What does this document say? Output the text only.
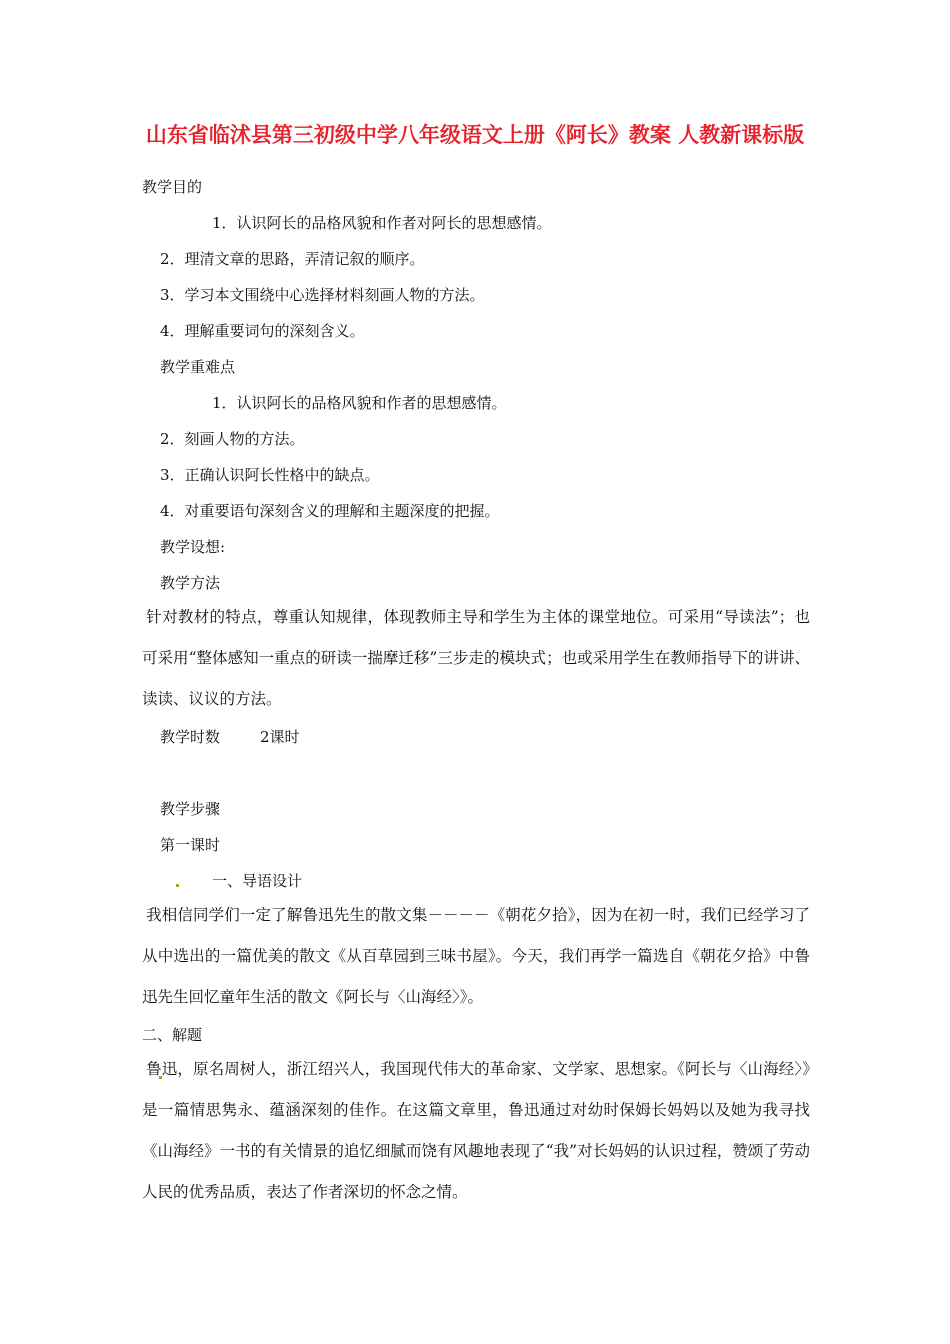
山东省临沭县第三初级中学八年级语文上册《阿长》教案 人教新课标版

教学目的

1．认识阿长的品格风貌和作者对阿长的思想感情。

2．理清文章的思路，弄清记叙的顺序。

3．学习本文围绕中心选择材料刻画人物的方法。

4．理解重要词句的深刻含义。

教学重难点

1．认识阿长的品格风貌和作者的思想感情。

2．刻画人物的方法。

3．正确认识阿长性格中的缺点。

4．对重要语句深刻含义的理解和主题深度的把握。

教学设想:

教学方法

针对教材的特点，尊重认知规律，体现教师主导和学生为主体的课堂地位。可采用“导读法”；也可采用“整体感知一重点的研读一揣摩迁移”三步走的模块式；也或采用学生在教师指导下的讲讲、读读、议议的方法。

教学时数	2课时

教学步骤

第一课时

一、导语设计

我相信同学们一定了解鲁迅先生的散文集－－－－《朝花夕拾》，因为在初一时，我们已经学习了从中选出的一篇优美的散文《从百草园到三味书屋》。今天，我们再学一篇选自《朝花夕拾》中鲁迅先生回忆童年生活的散文《阿长与〈山海经〉》。

二、解题

鲁迅，原名周树人，浙江绍兴人，我国现代伟大的革命家、文学家、思想家。《阿长与〈山海经〉》是一篇情思隽永、蕴涵深刻的佳作。在这篇文章里，鲁迅通过对幼时保姆长妈妈以及她为我寻找《山海经》一书的有关情景的追忆细腻而饶有风趣地表现了“我”对长妈妈的认识过程，赞颂了劳动人民的优秀品质，表达了作者深切的怀念之情。
